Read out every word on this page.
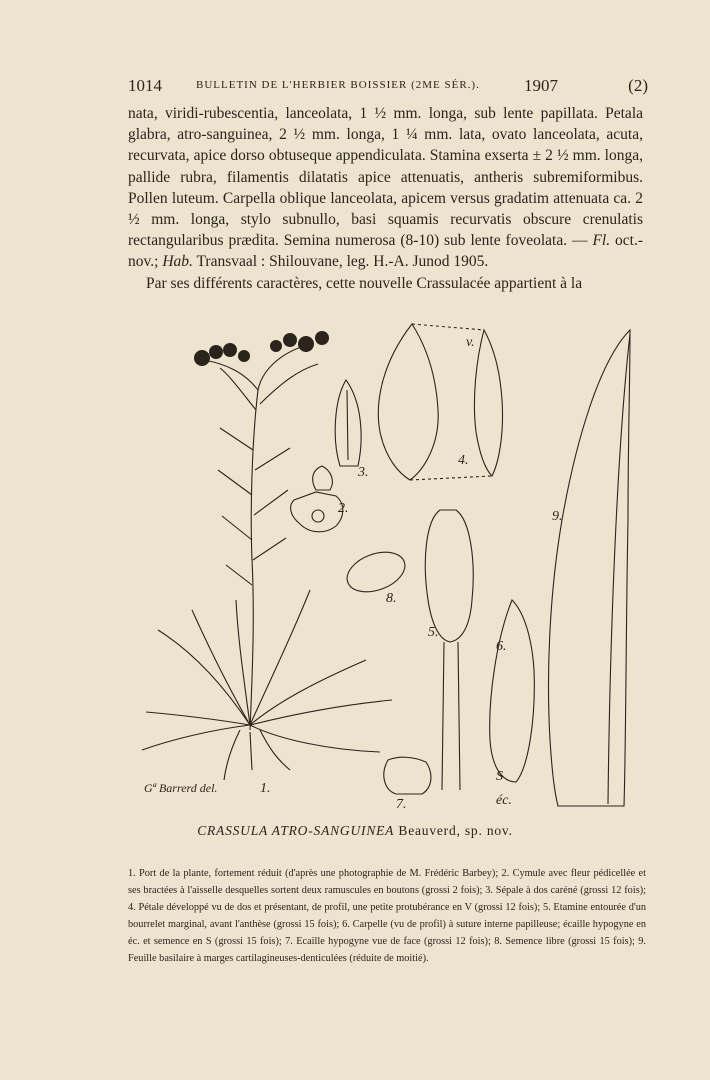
1014	BULLETIN DE L'HERBIER BOISSIER (2ME SÉR.).	1907	(2)

nata, viridi-rubescentia, lanceolata, 1 ½ mm. longa, sub lente papillata. Petala glabra, atro-sanguinea, 2 ½ mm. longa, 1 ¼ mm. lata, ovato lanceolata, acuta, recurvata, apice dorso obtuseque appendiculata. Stamina exserta ± 2 ½ mm. longa, pallide rubra, filamentis dilatatis apice attenuatis, antheris subremiformibus. Pollen luteum. Carpella oblique lanceolata, apicem versus gradatim attenuata ca. 2 ½ mm. longa, stylo subnullo, basi squamis recurvatis obscure crenulatis rectangularibus prædita. Semina numerosa (8-10) sub lente foveolata. — Fl. oct.-nov.; Hab. Transvaal : Shilouvane, leg. H.-A. Junod 1905.

Par ses différents caractères, cette nouvelle Crassulacée appartient à la

1.
2.
3.
4.
v.
5.
6.
7.
8.
9.
S
éc.
Gª Barrerd del.
CRASSULA ATRO-SANGUINEA Beauverd, sp. nov.

1. Port de la plante, fortement réduit (d'après une photographie de M. Frédéric Barbey); 2. Cymule avec fleur pédicellée et ses bractées à l'aisselle desquelles sortent deux ramuscules en boutons (grossi 2 fois); 3. Sépale à dos caréné (grossi 12 fois); 4. Pétale développé vu de dos et présentant, de profil, une petite protubérance en V (grossi 12 fois); 5. Etamine entourée d'un bourrelet marginal, avant l'anthèse (grossi 15 fois); 6. Carpelle (vu de profil) à suture interne papilleuse; écaille hypogyne en éc. et semence en S (grossi 15 fois); 7. Ecaille hypogyne vue de face (grossi 12 fois); 8. Semence libre (grossi 15 fois); 9. Feuille basilaire à marges cartilagineuses-denticulées (réduite de moitié).
